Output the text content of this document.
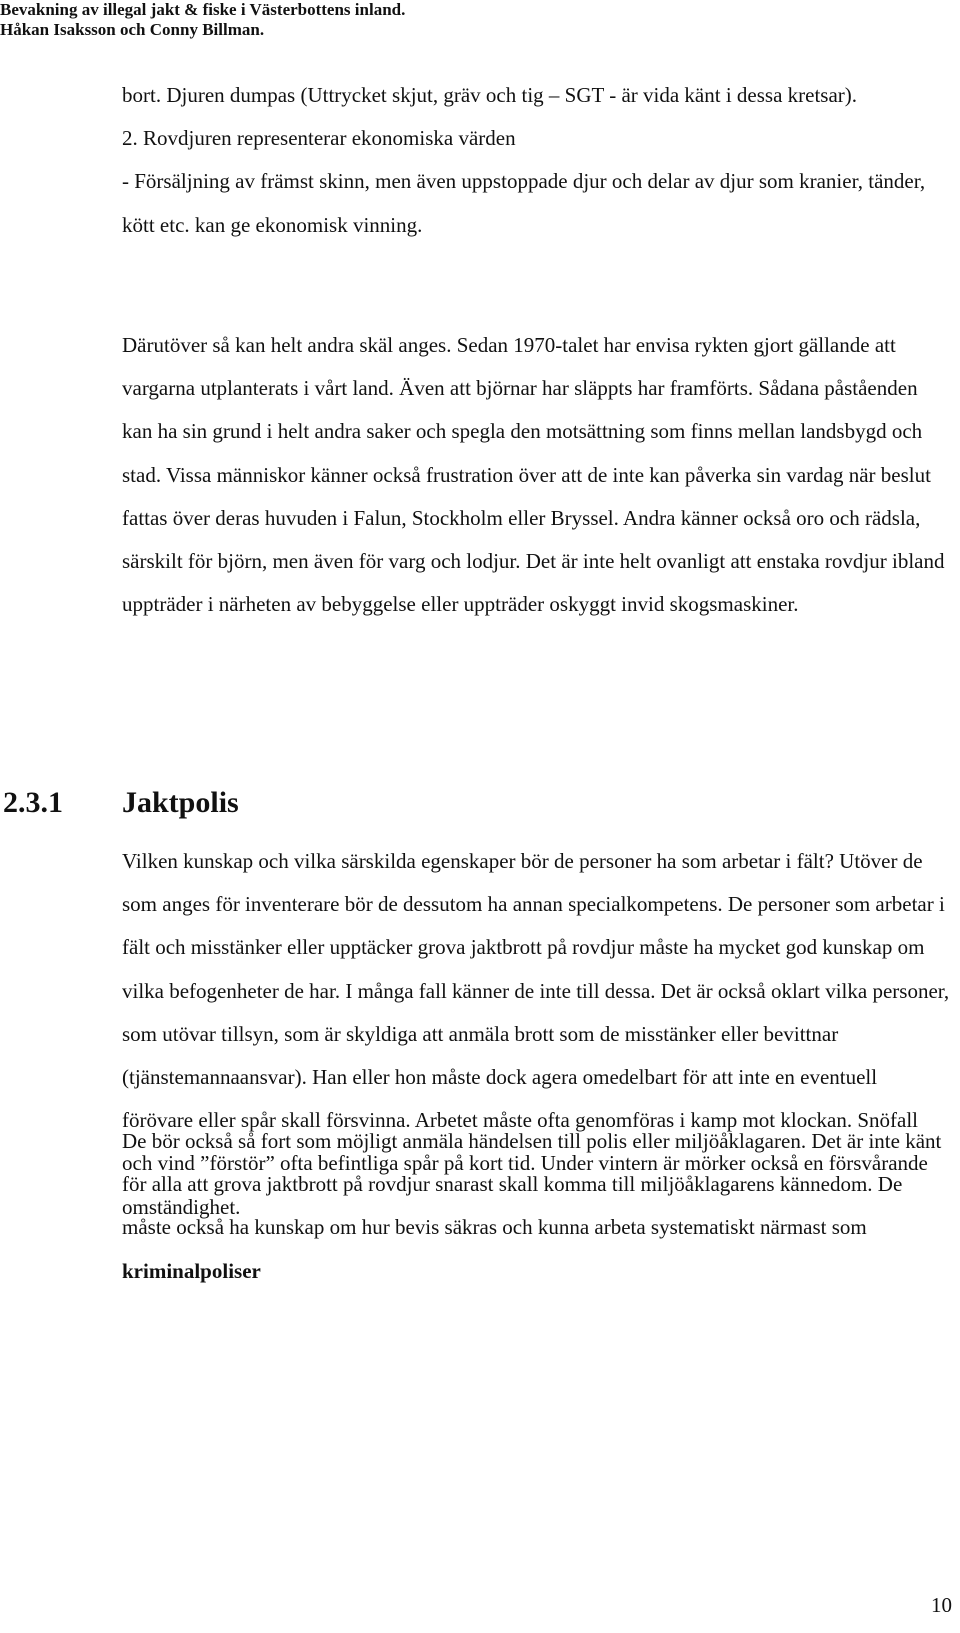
Bevakning av illegal jakt & fiske i Västerbottens inland.
Håkan Isaksson och Conny Billman.

bort. Djuren dumpas (Uttrycket skjut, gräv och tig – SGT - är vida känt i dessa kretsar).

2. Rovdjuren representerar ekonomiska värden

- Försäljning av främst skinn, men även uppstoppade djur och delar av djur som kranier, tänder, kött etc. kan ge ekonomisk vinning.

Därutöver så kan helt andra skäl anges. Sedan 1970-talet har envisa rykten gjort gällande att vargarna utplanterats i vårt land. Även att björnar har släppts har framförts. Sådana påståenden kan ha sin grund i helt andra saker och spegla den motsättning som finns mellan landsbygd och stad. Vissa människor känner också frustration över att de inte kan påverka sin vardag när beslut fattas över deras huvuden i Falun, Stockholm eller Bryssel. Andra känner också oro och rädsla, särskilt för björn, men även för varg och lodjur. Det är inte helt ovanligt att enstaka rovdjur ibland uppträder i närheten av bebyggelse eller uppträder oskyggt invid skogsmaskiner.

2.3.1 Jaktpolis

Vilken kunskap och vilka särskilda egenskaper bör de personer ha som arbetar i fält? Utöver de som anges för inventerare bör de dessutom ha annan specialkompetens. De personer som arbetar i fält och misstänker eller upptäcker grova jaktbrott på rovdjur måste ha mycket god kunskap om vilka befogenheter de har. I många fall känner de inte till dessa. Det är också oklart vilka personer, som utövar tillsyn, som är skyldiga att anmäla brott som de misstänker eller bevittnar (tjänstemannaansvar). Han eller hon måste dock agera omedelbart för att inte en eventuell förövare eller spår skall försvinna. Arbetet måste ofta genomföras i kamp mot klockan. Snöfall och vind ”förstör” ofta befintliga spår på kort tid. Under vintern är mörker också en försvårande omständighet.

De bör också så fort som möjligt anmäla händelsen till polis eller miljöåklagaren. Det är inte känt för alla att grova jaktbrott på rovdjur snarast skall komma till miljöåklagarens kännedom. De måste också ha kunskap om hur bevis säkras och kunna arbeta systematiskt närmast som kriminalpoliser

10
